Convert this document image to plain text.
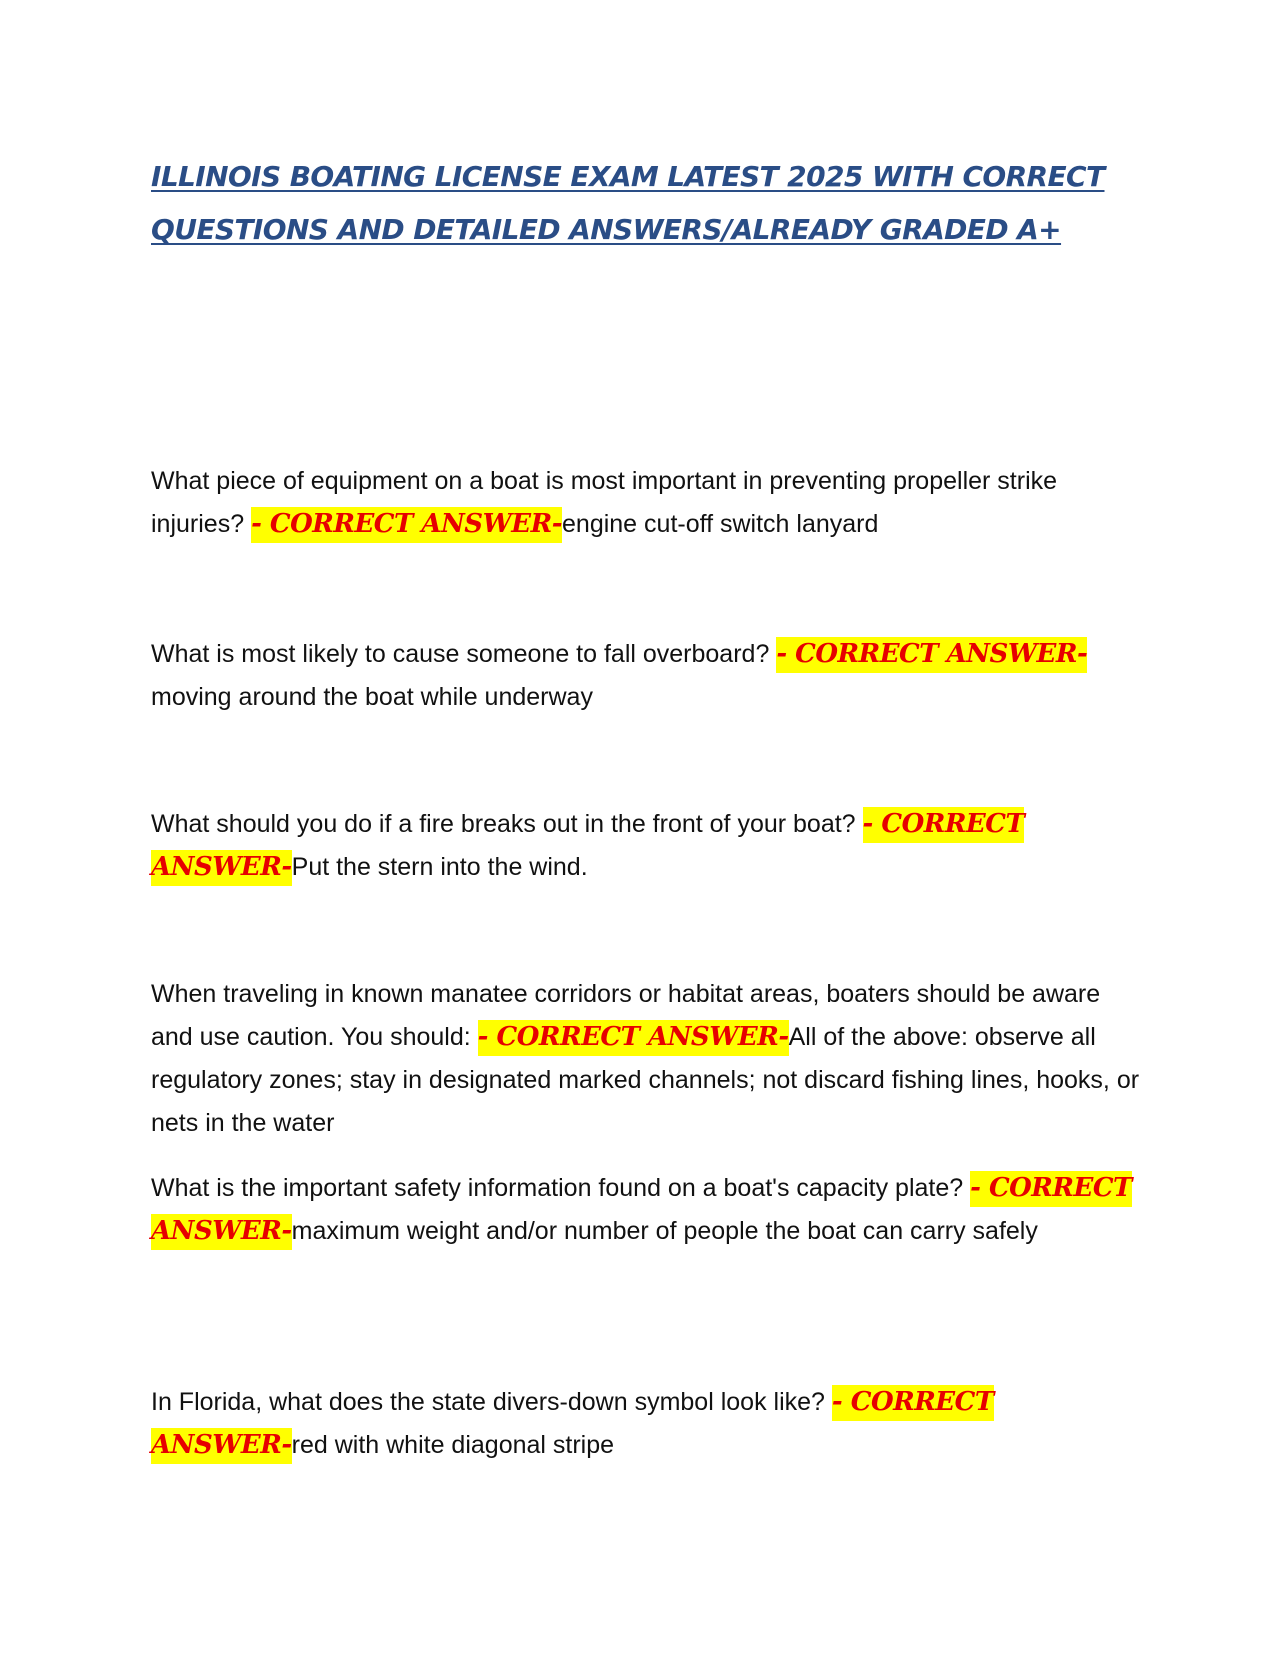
ILLINOIS BOATING LICENSE EXAM LATEST 2025 WITH CORRECT QUESTIONS AND DETAILED ANSWERS/ALREADY GRADED A+

What piece of equipment on a boat is most important in preventing propeller strike injuries? - CORRECT ANSWER-engine cut-off switch lanyard

What is most likely to cause someone to fall overboard? - CORRECT ANSWER-moving around the boat while underway

What should you do if a fire breaks out in the front of your boat? - CORRECT ANSWER-Put the stern into the wind.

When traveling in known manatee corridors or habitat areas, boaters should be aware and use caution. You should: - CORRECT ANSWER-All of the above: observe all regulatory zones; stay in designated marked channels; not discard fishing lines, hooks, or nets in the water

What is the important safety information found on a boat's capacity plate? - CORRECT ANSWER-maximum weight and/or number of people the boat can carry safely

In Florida, what does the state divers-down symbol look like? - CORRECT ANSWER-red with white diagonal stripe
